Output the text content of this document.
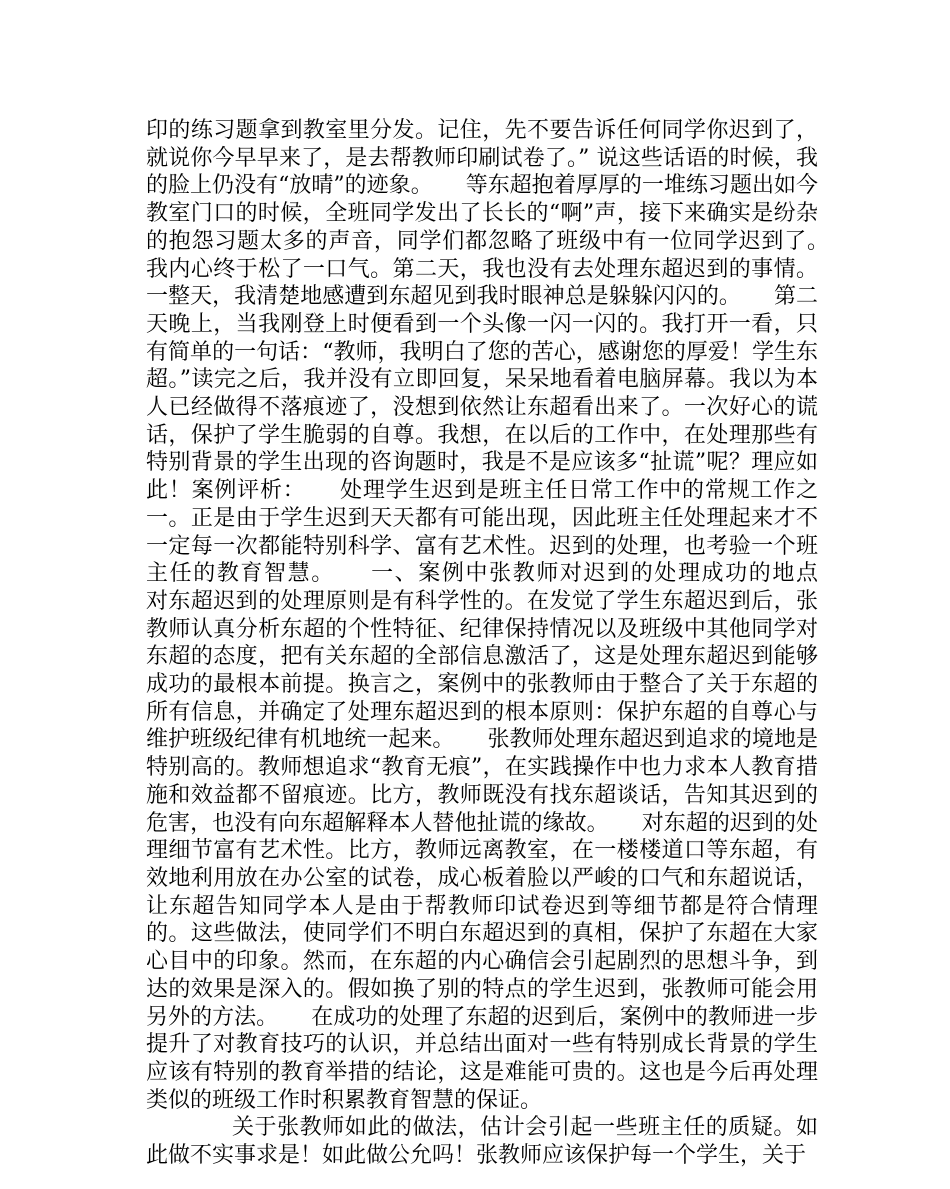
印的练习题拿到教室里分发。记住，先不要告诉任何同学你迟到了，就说你今早早来了，是去帮教师印刷试卷了。” 说这些话语的时候，我的脸上仍没有“放晴”的迹象。　　等东超抱着厚厚的一堆练习题出如今教室门口的时候，全班同学发出了长长的“啊”声，接下来确实是纷杂的抱怨习题太多的声音，同学们都忽略了班级中有一位同学迟到了。　　我内心终于松了一口气。第二天，我也没有去处理东超迟到的事情。一整天，我清楚地感遭到东超见到我时眼神总是躲躲闪闪的。　　第二天晚上，当我刚登上时便看到一个头像一闪一闪的。我打开一看，只有简单的一句话：“教师，我明白了您的苦心，感谢您的厚爱！学生东超。”读完之后，我并没有立即回复，呆呆地看着电脑屏幕。我以为本人已经做得不落痕迹了，没想到依然让东超看出来了。一次好心的谎话，保护了学生脆弱的自尊。我想，在以后的工作中，在处理那些有特别背景的学生出现的咨询题时，我是不是应该多“扯谎”呢？理应如此！案例评析：　　处理学生迟到是班主任日常工作中的常规工作之一。正是由于学生迟到天天都有可能出现，因此班主任处理起来才不一定每一次都能特别科学、富有艺术性。迟到的处理，也考验一个班主任的教育智慧。　　一、案例中张教师对迟到的处理成功的地点　　对东超迟到的处理原则是有科学性的。在发觉了学生东超迟到后，张教师认真分析东超的个性特征、纪律保持情况以及班级中其他同学对东超的态度，把有关东超的全部信息激活了，这是处理东超迟到能够成功的最根本前提。换言之，案例中的张教师由于整合了关于东超的所有信息，并确定了处理东超迟到的根本原则：保护东超的自尊心与维护班级纪律有机地统一起来。　　张教师处理东超迟到追求的境地是特别高的。教师想追求“教育无痕”，在实践操作中也力求本人教育措施和效益都不留痕迹。比方，教师既没有找东超谈话，告知其迟到的危害，也没有向东超解释本人替他扯谎的缘故。　　对东超的迟到的处理细节富有艺术性。比方，教师远离教室，在一楼楼道口等东超，有效地利用放在办公室的试卷，成心板着脸以严峻的口气和东超说话，让东超告知同学本人是由于帮教师印试卷迟到等细节都是符合情理的。这些做法，使同学们不明白东超迟到的真相，保护了东超在大家心目中的印象。然而，在东超的内心确信会引起剧烈的思想斗争，到达的效果是深入的。假如换了别的特点的学生迟到，张教师可能会用另外的方法。　　在成功的处理了东超的迟到后，案例中的教师进一步提升了对教育技巧的认识，并总结出面对一些有特别成长背景的学生应该有特别的教育举措的结论，这是难能可贵的。这也是今后再处理类似的班级工作时积累教育智慧的保证。

关于张教师如此的做法，估计会引起一些班主任的质疑。如此做不实事求是！如此做公允吗！张教师应该保护每一个学生，关于
